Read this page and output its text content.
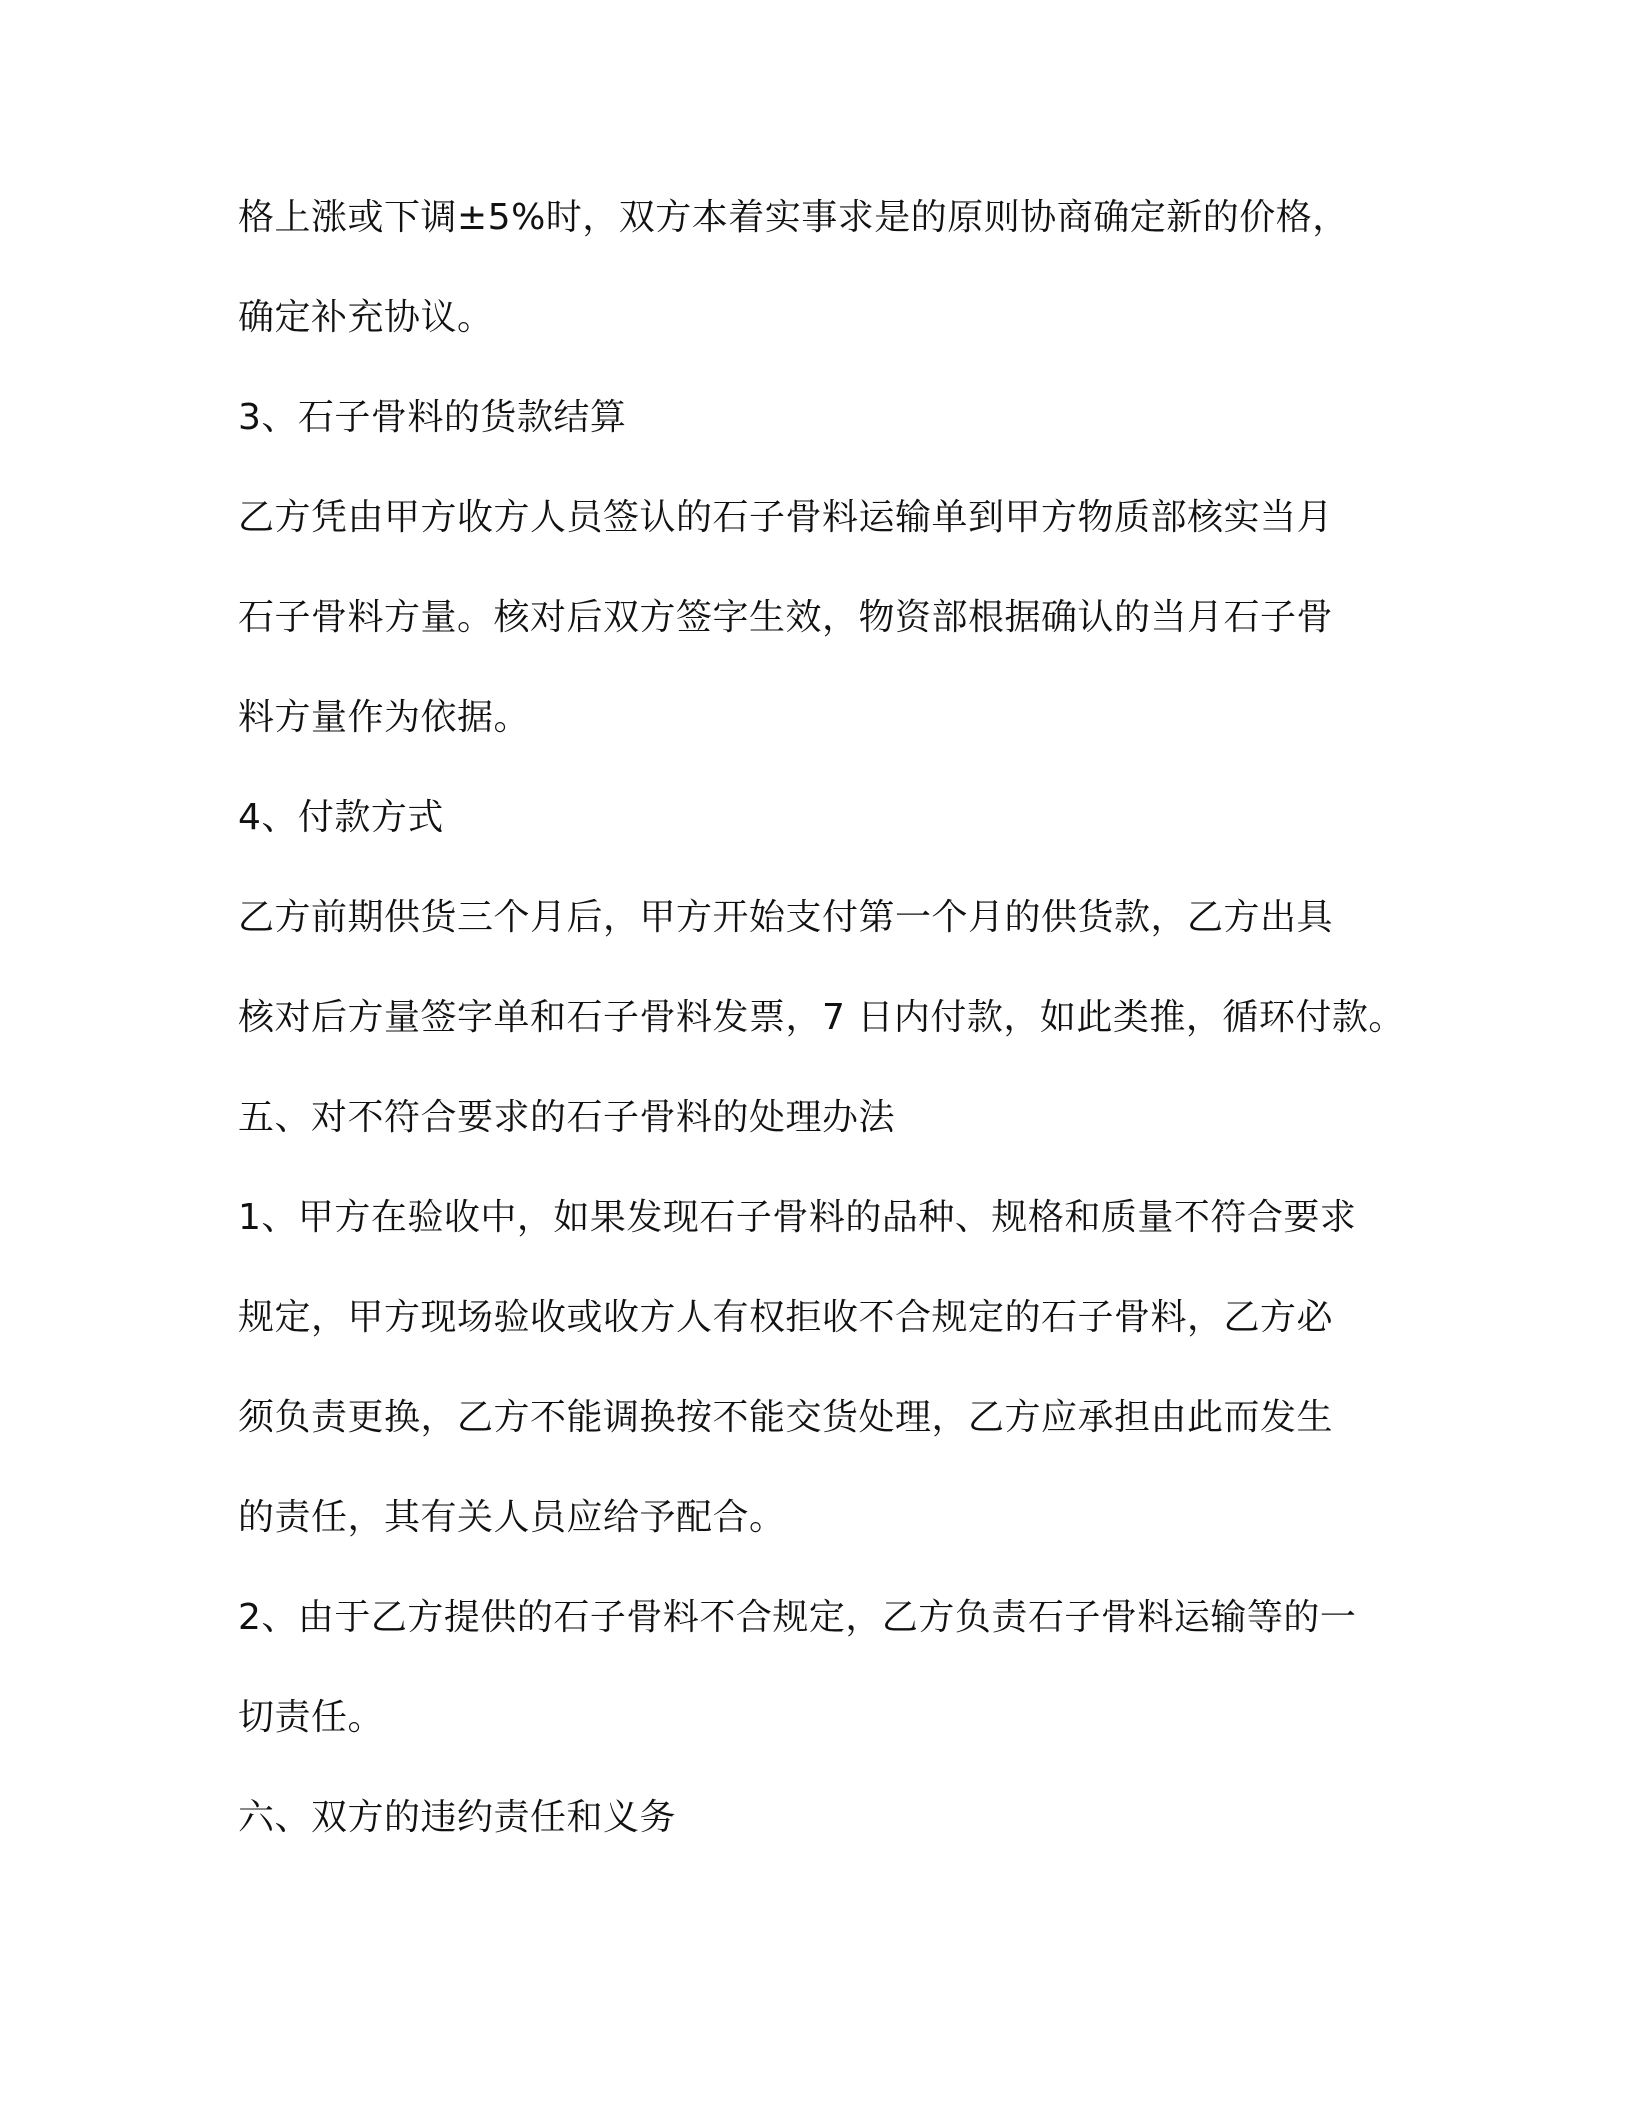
格上涨或下调±5%时，双方本着实事求是的原则协商确定新的价格，
确定补充协议。
3、石子骨料的货款结算
乙方凭由甲方收方人员签认的石子骨料运输单到甲方物质部核实当月
石子骨料方量。核对后双方签字生效，物资部根据确认的当月石子骨
料方量作为依据。
4、付款方式
乙方前期供货三个月后，甲方开始支付第一个月的供货款，乙方出具
核对后方量签字单和石子骨料发票，7 日内付款，如此类推，循环付款。
五、对不符合要求的石子骨料的处理办法
1、甲方在验收中，如果发现石子骨料的品种、规格和质量不符合要求
规定，甲方现场验收或收方人有权拒收不合规定的石子骨料，乙方必
须负责更换，乙方不能调换按不能交货处理，乙方应承担由此而发生
的责任，其有关人员应给予配合。
2、由于乙方提供的石子骨料不合规定，乙方负责石子骨料运输等的一
切责任。
六、双方的违约责任和义务
